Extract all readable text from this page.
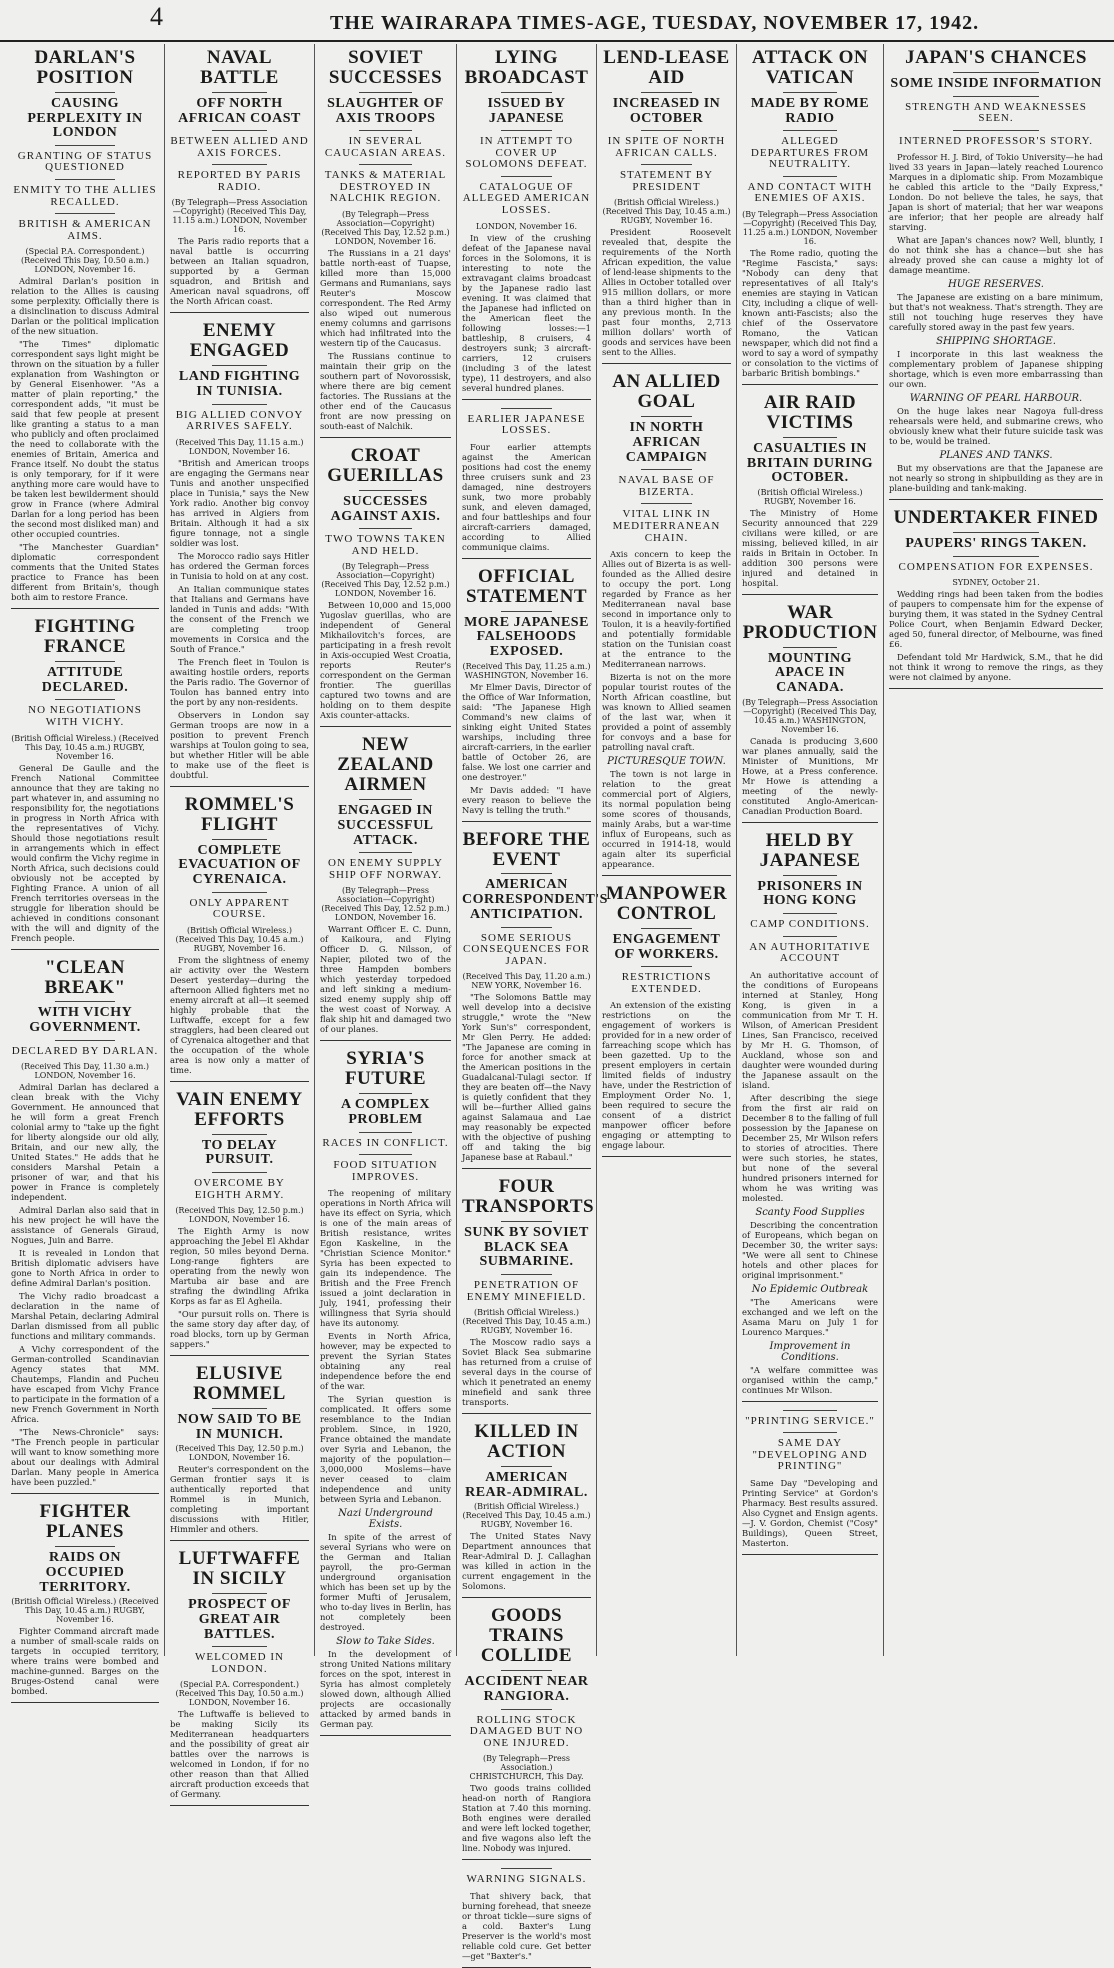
4	THE WAIRARAPA TIMES-AGE, TUESDAY, NOVEMBER 17, 1942.
DARLAN'S POSITION
CAUSING PERPLEXITY IN LONDON
GRANTING OF STATUS QUESTIONED
ENMITY TO THE ALLIES RECALLED.
BRITISH & AMERICAN AIMS.
(Special P.A. Correspondent.) (Received This Day, 10.50 a.m.) LONDON, November 16.

Admiral Darlan's position in relation to the Allies is causing some perplexity. Officially there is a disinclination to discuss Admiral Darlan or the political implication of the new situation.

"The Times" diplomatic correspondent says light might be thrown on the situation by a fuller explanation from Washington or by General Eisenhower. "As a matter of plain reporting," the correspondent adds, "it must be said that few people at present like granting a status to a man who publicly and often proclaimed the need to collaborate with the enemies of Britain, America and France itself. No doubt the status is only temporary, for if it were anything more care would have to be taken lest bewilderment should grow in France (where Admiral Darlan for a long period has been the second most disliked man) and other occupied countries.

"The Manchester Guardian" diplomatic correspondent comments that the United States practice to France has been different from Britain's, though both aim to restore France.

FIGHTING FRANCE
ATTITUDE DECLARED.
NO NEGOTIATIONS WITH VICHY.
(British Official Wireless.) (Received This Day, 10.45 a.m.) RUGBY, November 16.

General De Gaulle and the French National Committee announce that they are taking no part whatever in, and assuming no responsibility for, the negotiations in progress in North Africa with the representatives of Vichy. Should those negotiations result in arrangements which in effect would confirm the Vichy regime in North Africa, such decisions could obviously not be accepted by Fighting France. A union of all French territories overseas in the struggle for liberation should be achieved in conditions consonant with the will and dignity of the French people.

"CLEAN BREAK"
WITH VICHY GOVERNMENT.
DECLARED BY DARLAN.
(Received This Day, 11.30 a.m.) LONDON, November 16.

Admiral Darlan has declared a clean break with the Vichy Government. He announced that he will form a great French colonial army to "take up the fight for liberty alongside our old ally, Britain, and our new ally, the United States." He adds that he considers Marshal Petain a prisoner of war, and that his power in France is completely independent.

Admiral Darlan also said that in his new project he will have the assistance of Generals Giraud, Nogues, Juin and Barre.

It is revealed in London that British diplomatic advisers have gone to North Africa in order to define Admiral Darlan's position.

The Vichy radio broadcast a declaration in the name of Marshal Petain, declaring Admiral Darlan dismissed from all public functions and military commands.

A Vichy correspondent of the German-controlled Scandinavian Agency states that MM. Chautemps, Flandin and Pucheu have escaped from Vichy France to participate in the formation of a new French Government in North Africa.

"The News-Chronicle" says: "The French people in particular will want to know something more about our dealings with Admiral Darlan. Many people in America have been puzzled."

FIGHTER PLANES
RAIDS ON OCCUPIED TERRITORY.
(British Official Wireless.) (Received This Day, 10.45 a.m.) RUGBY, November 16.

Fighter Command aircraft made a number of small-scale raids on targets in occupied territory, where trains were bombed and machine-gunned. Barges on the Bruges-Ostend canal were bombed.

NAVAL BATTLE
OFF NORTH AFRICAN COAST
BETWEEN ALLIED AND AXIS FORCES.
REPORTED BY PARIS RADIO.
(By Telegraph—Press Association—Copyright) (Received This Day, 11.15 a.m.) LONDON, November 16.

The Paris radio reports that a naval battle is occurring between an Italian squadron, supported by a German squadron, and British and American naval squadrons, off the North African coast.

ENEMY ENGAGED
LAND FIGHTING IN TUNISIA.
BIG ALLIED CONVOY ARRIVES SAFELY.
(Received This Day, 11.15 a.m.) LONDON, November 16.

"British and American troops are engaging the Germans near Tunis and another unspecified place in Tunisia," says the New York radio. Another big convoy has arrived in Algiers from Britain. Although it had a six figure tonnage, not a single soldier was lost.

The Morocco radio says Hitler has ordered the German forces in Tunisia to hold on at any cost.

An Italian communique states that Italians and Germans have landed in Tunis and adds: "With the consent of the French we are completing troop movements in Corsica and the South of France."

The French fleet in Toulon is awaiting hostile orders, reports the Paris radio. The Governor of Toulon has banned entry into the port by any non-residents.

Observers in London say German troops are now in a position to prevent French warships at Toulon going to sea, but whether Hitler will be able to make use of the fleet is doubtful.

ROMMEL'S FLIGHT
COMPLETE EVACUATION OF CYRENAICA.
ONLY APPARENT COURSE.
(British Official Wireless.) (Received This Day, 10.45 a.m.) RUGBY, November 16.

From the slightness of enemy air activity over the Western Desert yesterday—during the afternoon Allied fighters met no enemy aircraft at all—it seemed highly probable that the Luftwaffe, except for a few stragglers, had been cleared out of Cyrenaica altogether and that the occupation of the whole area is now only a matter of time.

VAIN ENEMY EFFORTS
TO DELAY PURSUIT.
OVERCOME BY EIGHTH ARMY.
(Received This Day, 12.50 p.m.) LONDON, November 16.

The Eighth Army is now approaching the Jebel El Akhdar region, 50 miles beyond Derna. Long-range fighters are operating from the newly won Martuba air base and are strafing the dwindling Afrika Korps as far as El Agheila.

"Our pursuit rolls on. There is the same story day after day, of road blocks, torn up by German sappers."

ELUSIVE ROMMEL
NOW SAID TO BE IN MUNICH.
(Received This Day, 12.50 p.m.) LONDON, November 16.

Reuter's correspondent on the German frontier says it is authentically reported that Rommel is in Munich, completing important discussions with Hitler, Himmler and others.

LUFTWAFFE IN SICILY
PROSPECT OF GREAT AIR BATTLES.
WELCOMED IN LONDON.
(Special P.A. Correspondent.) (Received This Day, 10.50 a.m.) LONDON, November 16.

The Luftwaffe is believed to be making Sicily its Mediterranean headquarters and the possibility of great air battles over the narrows is welcomed in London, if for no other reason than that Allied aircraft production exceeds that of Germany.

SOVIET SUCCESSES
SLAUGHTER OF AXIS TROOPS
IN SEVERAL CAUCASIAN AREAS.
TANKS & MATERIAL DESTROYED IN NALCHIK REGION.
(By Telegraph—Press Association—Copyright) (Received This Day, 12.52 p.m.) LONDON, November 16.

The Russians in a 21 days' battle north-east of Tuapse, killed more than 15,000 Germans and Rumanians, says Reuter's Moscow correspondent. The Red Army also wiped out numerous enemy columns and garrisons which had infiltrated into the western tip of the Caucasus.

The Russians continue to maintain their grip on the southern part of Novorossisk, where there are big cement factories. The Russians at the other end of the Caucasus front are now pressing on south-east of Nalchik.

CROAT GUERILLAS
SUCCESSES AGAINST AXIS.
TWO TOWNS TAKEN AND HELD.
(By Telegraph—Press Association—Copyright) (Received This Day, 12.52 p.m.) LONDON, November 16.

Between 10,000 and 15,000 Yugoslav guerillas, who are independent of General Mikhailovitch's forces, are participating in a fresh revolt in Axis-occupied West Croatia, reports Reuter's correspondent on the German frontier. The guerillas captured two towns and are holding on to them despite Axis counter-attacks.

NEW ZEALAND AIRMEN
ENGAGED IN SUCCESSFUL ATTACK.
ON ENEMY SUPPLY SHIP OFF NORWAY.
(By Telegraph—Press Association—Copyright) (Received This Day, 12.52 p.m.) LONDON, November 16.

Warrant Officer E. C. Dunn, of Kaikoura, and Flying Officer D. G. Nilsson, of Napier, piloted two of the three Hampden bombers which yesterday torpedoed and left sinking a medium-sized enemy supply ship off the west coast of Norway. A flak ship hit and damaged two of our planes.

SYRIA'S FUTURE
A COMPLEX PROBLEM
RACES IN CONFLICT.
FOOD SITUATION IMPROVES.

The reopening of military operations in North Africa will have its effect on Syria, which is one of the main areas of British resistance, writes Egon Kaskeline, in the "Christian Science Monitor." Syria has been expected to gain its independence. The British and the Free French issued a joint declaration in July, 1941, professing their willingness that Syria should have its autonomy.

Events in North Africa, however, may be expected to prevent the Syrian States obtaining any real independence before the end of the war.

The Syrian question is complicated. It offers some resemblance to the Indian problem. Since, in 1920, France obtained the mandate over Syria and Lebanon, the majority of the population—3,000,000 Moslems—have never ceased to claim independence and unity between Syria and Lebanon.

Nazi Underground Exists.

In spite of the arrest of several Syrians who were on the German and Italian payroll, the pro-German underground organisation which has been set up by the former Mufti of Jerusalem, who to-day lives in Berlin, has not completely been destroyed.

Slow to Take Sides.

In the development of strong United Nations military forces on the spot, interest in Syria has almost completely slowed down, although Allied projects are occasionally attacked by armed bands in German pay.

LYING BROADCAST
ISSUED BY JAPANESE
IN ATTEMPT TO COVER UP SOLOMONS DEFEAT.
CATALOGUE OF ALLEGED AMERICAN LOSSES.
LONDON, November 16.

In view of the crushing defeat of the Japanese naval forces in the Solomons, it is interesting to note the extravagant claims broadcast by the Japanese radio last evening. It was claimed that the Japanese had inflicted on the American fleet the following losses:—1 battleship, 8 cruisers, 4 destroyers sunk; 3 aircraft-carriers, 12 cruisers (including 3 of the latest type), 11 destroyers, and also several hundred planes.

EARLIER JAPANESE LOSSES.

Four earlier attempts against the American positions had cost the enemy three cruisers sunk and 23 damaged, nine destroyers sunk, two more probably sunk, and eleven damaged, and four battleships and four aircraft-carriers damaged, according to Allied communique claims.

OFFICIAL STATEMENT
MORE JAPANESE FALSEHOODS EXPOSED.
(Received This Day, 11.25 a.m.) WASHINGTON, November 16.

Mr Elmer Davis, Director of the Office of War Information, said: "The Japanese High Command's new claims of sinking eight United States warships, including three aircraft-carriers, in the earlier battle of October 26, are false. We lost one carrier and one destroyer."

Mr Davis added: "I have every reason to believe the Navy is telling the truth."

BEFORE THE EVENT
AMERICAN CORRESPONDENT'S ANTICIPATION.
SOME SERIOUS CONSEQUENCES FOR JAPAN.
(Received This Day, 11.20 a.m.) NEW YORK, November 16.

"The Solomons Battle may well develop into a decisive struggle," wrote the "New York Sun's" correspondent, Mr Glen Perry. He added: "The Japanese are coming in force for another smack at the American positions in the Guadalcanal-Tulagi sector. If they are beaten off—the Navy is quietly confident that they will be—further Allied gains against Salamaua and Lae may reasonably be expected with the objective of pushing off and taking the big Japanese base at Rabaul."

FOUR TRANSPORTS
SUNK BY SOVIET BLACK SEA SUBMARINE.
PENETRATION OF ENEMY MINEFIELD.
(British Official Wireless.) (Received This Day, 10.45 a.m.) RUGBY, November 16.

The Moscow radio says a Soviet Black Sea submarine has returned from a cruise of several days in the course of which it penetrated an enemy minefield and sank three transports.

KILLED IN ACTION
AMERICAN REAR-ADMIRAL.
(British Official Wireless.) (Received This Day, 10.45 a.m.) RUGBY, November 16.

The United States Navy Department announces that Rear-Admiral D. J. Callaghan was killed in action in the current engagement in the Solomons.

GOODS TRAINS COLLIDE
ACCIDENT NEAR RANGIORA.
ROLLING STOCK DAMAGED BUT NO ONE INJURED.
(By Telegraph—Press Association.) CHRISTCHURCH, This Day.

Two goods trains collided head-on north of Rangiora Station at 7.40 this morning. Both engines were derailed and were left locked together, and five wagons also left the line. Nobody was injured.

WARNING SIGNALS.

That shivery back, that burning forehead, that sneeze or throat tickle—sure signs of a cold. Baxter's Lung Preserver is the world's most reliable cold cure. Get better—get "Baxter's."

LEND-LEASE AID
INCREASED IN OCTOBER
IN SPITE OF NORTH AFRICAN CALLS.
STATEMENT BY PRESIDENT
(British Official Wireless.) (Received This Day, 10.45 a.m.) RUGBY, November 16.

President Roosevelt revealed that, despite the requirements of the North African expedition, the value of lend-lease shipments to the Allies in October totalled over 915 million dollars, or more than a third higher than in any previous month. In the past four months, 2,713 million dollars' worth of goods and services have been sent to the Allies.

AN ALLIED GOAL
IN NORTH AFRICAN CAMPAIGN
NAVAL BASE OF BIZERTA.
VITAL LINK IN MEDITERRANEAN CHAIN.

Axis concern to keep the Allies out of Bizerta is as well-founded as the Allied desire to occupy the port. Long regarded by France as her Mediterranean naval base second in importance only to Toulon, it is a heavily-fortified and potentially formidable station on the Tunisian coast at the entrance to the Mediterranean narrows.

Bizerta is not on the more popular tourist routes of the North African coastline, but was known to Allied seamen of the last war, when it provided a point of assembly for convoys and a base for patrolling naval craft.

PICTURESQUE TOWN.

The town is not large in relation to the great commercial port of Algiers, its normal population being some scores of thousands, mainly Arabs, but a war-time influx of Europeans, such as occurred in 1914-18, would again alter its superficial appearance.

MANPOWER CONTROL
ENGAGEMENT OF WORKERS.
RESTRICTIONS EXTENDED.

An extension of the existing restrictions on the engagement of workers is provided for in a new order of farreaching scope which has been gazetted. Up to the present employers in certain limited fields of industry have, under the Restriction of Employment Order No. 1, been required to secure the consent of a district manpower officer before engaging or attempting to engage labour.

ATTACK ON VATICAN
MADE BY ROME RADIO
ALLEGED DEPARTURES FROM NEUTRALITY.
AND CONTACT WITH ENEMIES OF AXIS.
(By Telegraph—Press Association—Copyright) (Received This Day, 11.25 a.m.) LONDON, November 16.

The Rome radio, quoting the "Regime Fascista," says: "Nobody can deny that representatives of all Italy's enemies are staying in Vatican City, including a clique of well-known anti-Fascists; also the chief of the Osservatore Romano, the Vatican newspaper, which did not find a word to say a word of sympathy or consolation to the victims of barbaric British bombings."

AIR RAID VICTIMS
CASUALTIES IN BRITAIN DURING OCTOBER.
(British Official Wireless.) RUGBY, November 16.

The Ministry of Home Security announced that 229 civilians were killed, or are missing, believed killed, in air raids in Britain in October. In addition 300 persons were injured and detained in hospital.

WAR PRODUCTION
MOUNTING APACE IN CANADA.
(By Telegraph—Press Association—Copyright) (Received This Day, 10.45 a.m.) WASHINGTON, November 16.

Canada is producing 3,600 war planes annually, said the Minister of Munitions, Mr Howe, at a Press conference. Mr Howe is attending a meeting of the newly-constituted Anglo-American-Canadian Production Board.

HELD BY JAPANESE
PRISONERS IN HONG KONG
CAMP CONDITIONS.
AN AUTHORITATIVE ACCOUNT

An authoritative account of the conditions of Europeans interned at Stanley, Hong Kong, is given in a communication from Mr T. H. Wilson, of American President Lines, San Francisco, received by Mr H. G. Thomson, of Auckland, whose son and daughter were wounded during the Japanese assault on the island.

After describing the siege from the first air raid on December 8 to the falling of full possession by the Japanese on December 25, Mr Wilson refers to stories of atrocities. There were such stories, he states, but none of the several hundred prisoners interned for whom he was writing was molested.

Scanty Food Supplies

Describing the concentration of Europeans, which began on December 30, the writer says: "We were all sent to Chinese hotels and other places for original imprisonment."

No Epidemic Outbreak

"The Americans were exchanged and we left on the Asama Maru on July 1 for Lourenco Marques."

Improvement in Conditions.

"A welfare committee was organised within the camp," continues Mr Wilson.

"PRINTING SERVICE."
SAME DAY "DEVELOPING AND PRINTING"

Same Day "Developing and Printing Service" at Gordon's Pharmacy. Best results assured. Also Cygnet and Ensign agents.—J. V. Gordon, Chemist ("Cosy" Buildings), Queen Street, Masterton.

JAPAN'S CHANCES
SOME INSIDE INFORMATION
STRENGTH AND WEAKNESSES SEEN.
INTERNED PROFESSOR'S STORY.

Professor H. J. Bird, of Tokio University—he had lived 33 years in Japan—lately reached Lourenco Marques in a diplomatic ship. From Mozambique he cabled this article to the "Daily Express," London. Do not believe the tales, he says, that Japan is short of material; that her war weapons are inferior; that her people are already half starving.

What are Japan's chances now? Well, bluntly, I do not think she has a chance—but she has already proved she can cause a mighty lot of damage meantime.

HUGE RESERVES.

The Japanese are existing on a bare minimum, but that's not weakness. That's strength. They are still not touching huge reserves they have carefully stored away in the past few years.

SHIPPING SHORTAGE.

I incorporate in this last weakness the complementary problem of Japanese shipping shortage, which is even more embarrassing than our own.

WARNING OF PEARL HARBOUR.

On the huge lakes near Nagoya full-dress rehearsals were held, and submarine crews, who obviously knew what their future suicide task was to be, would be trained.

PLANES AND TANKS.

But my observations are that the Japanese are not nearly so strong in shipbuilding as they are in plane-building and tank-making.

UNDERTAKER FINED
PAUPERS' RINGS TAKEN.
COMPENSATION FOR EXPENSES.
SYDNEY, October 21.

Wedding rings had been taken from the bodies of paupers to compensate him for the expense of burying them, it was stated in the Sydney Central Police Court, when Benjamin Edward Decker, aged 50, funeral director, of Melbourne, was fined £6.

Defendant told Mr Hardwick, S.M., that he did not think it wrong to remove the rings, as they were not claimed by anyone.
